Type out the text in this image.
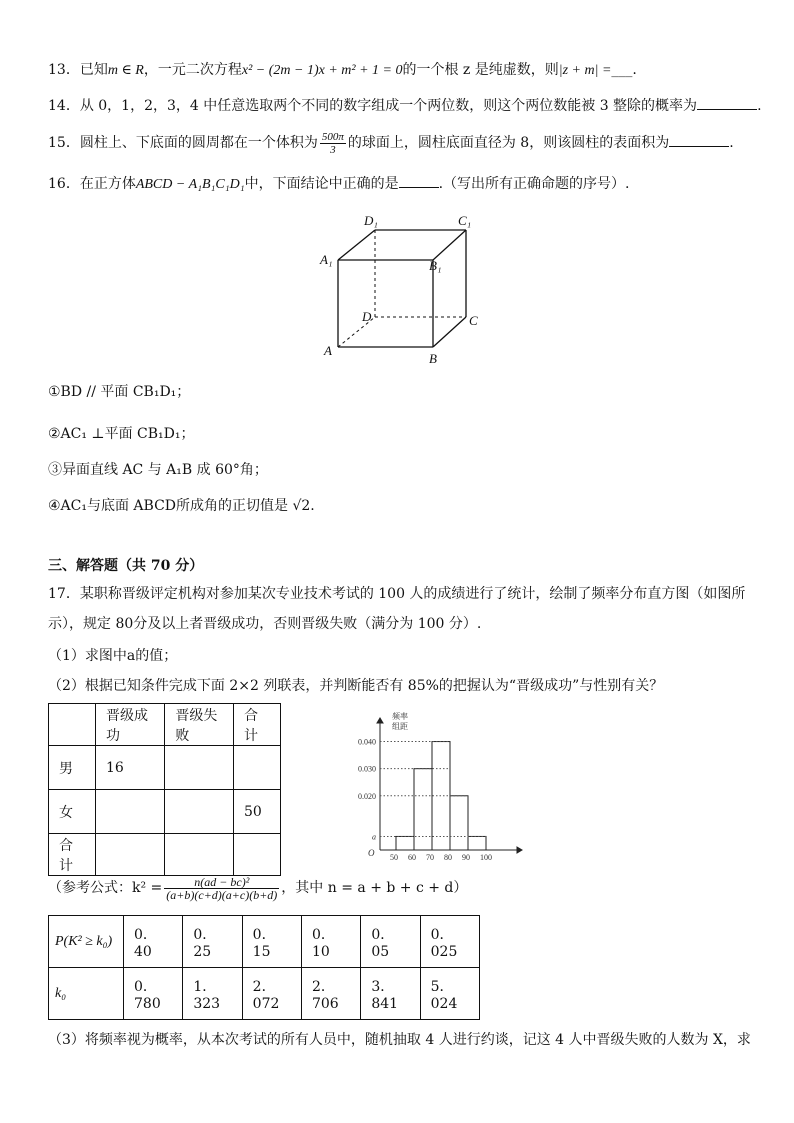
13．已知m ∈ R，一元二次方程x² − (2m − 1)x + m² + 1 = 0的一个根 z 是纯虚数，则|z + m| =___.
14．从 0，1，2，3，4 中任意选取两个不同的数字组成一个两位数，则这个两位数能被 3 整除的概率为	.
15．圆柱上、下底面的圆周都在一个体积为 $\frac{500\pi}{3}$ 的球面上，圆柱底面直径为 8，则该圆柱的表面积为	.
16．在正方体ABCD − A₁B₁C₁D₁中，下面结论中正确的是	.（写出所有正确命题的序号）.
D₁	C₁
A₁	B₁
D	C
A
B
①BD // 平面 CB₁D₁；
②AC₁ ⊥平面 CB₁D₁；
③异面直线 AC 与 A₁B 成 60°角；
④AC₁与底面 ABCD所成角的正切值是 √2.
三、解答题（共 70 分）
17．某职称晋级评定机构对参加某次专业技术考试的 100 人的成绩进行了统计，绘制了频率分布直方图（如图所
示），规定 80分及以上者晋级成功，否则晋级失败（满分为 100 分）.
（1）求图中a的值；
（2）根据已知条件完成下面 2×2 列联表，并判断能否有 85%的把握认为“晋级成功”与性别有关？
	晋级成功	晋级失败	合计
男	16		
女			50
合计			
频率
组距
O
0.020
0.030
0.040
a
50 60 70 80 90 100
（参考公式：$k^2 = \frac{\text{n(ad − bc)²}}{(a+b)(c+d)(a+c)(b+d)}$ ，其中 n = a + b + c + d）
P(K² ≥ k₀)	0．40	0．25	0．15	0．10	0．05	0．025
k₀	0．780	1．323	2．072	2．706	3．841	5．024
（3）将频率视为概率，从本次考试的所有人员中，随机抽取 4 人进行约谈，记这 4 人中晋级失败的人数为 X，求
